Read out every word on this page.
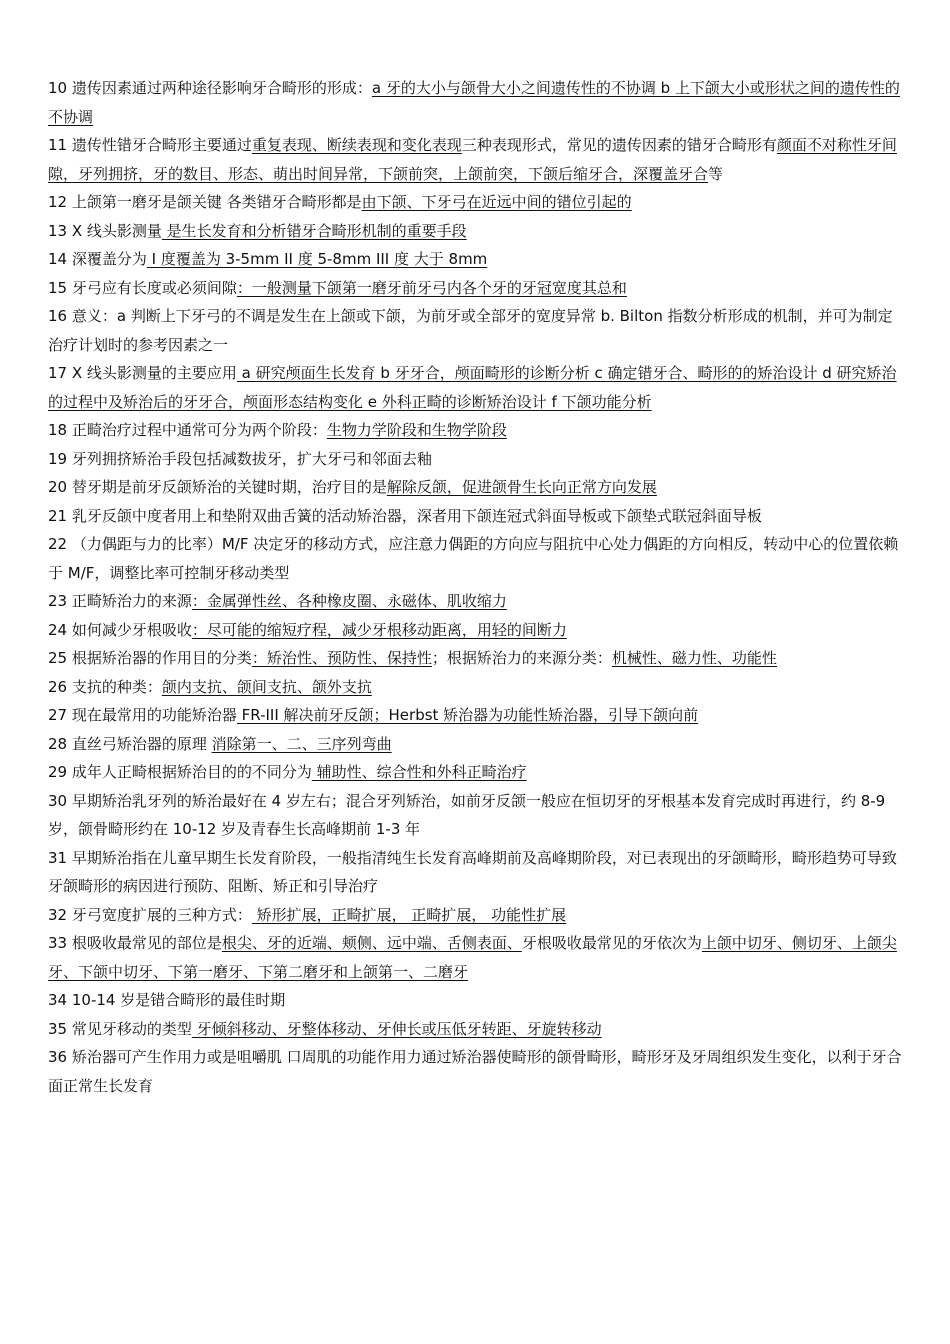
10 遗传因素通过两种途径影响牙合畸形的形成：a 牙的大小与颌骨大小之间遗传性的不协调 b 上下颌大小或形状之间的遗传性的不协调

11 遗传性错牙合畸形主要通过重复表现、断续表现和变化表现三种表现形式，常见的遗传因素的错牙合畸形有颜面不对称性牙间隙，牙列拥挤，牙的数目、形态、萌出时间异常，下颌前突，上颌前突，下颌后缩牙合，深覆盖牙合等

12 上颌第一磨牙是颌关键 各类错牙合畸形都是由下颌、下牙弓在近远中间的错位引起的

13 X 线头影测量 是生长发育和分析错牙合畸形机制的重要手段

14 深覆盖分为 I 度覆盖为 3-5mm II 度 5-8mm III 度 大于 8mm

15 牙弓应有长度或必须间隙：一般测量下颌第一磨牙前牙弓内各个牙的牙冠宽度其总和

16 意义：a 判断上下牙弓的不调是发生在上颌或下颌，为前牙或全部牙的宽度异常 b. Bilton 指数分析形成的机制，并可为制定治疗计划时的参考因素之一

17 X 线头影测量的主要应用 a 研究颅面生长发育 b 牙牙合，颅面畸形的诊断分析 c 确定错牙合、畸形的的矫治设计 d 研究矫治的过程中及矫治后的牙牙合，颅面形态结构变化 e 外科正畸的诊断矫治设计 f 下颌功能分析

18 正畸治疗过程中通常可分为两个阶段：生物力学阶段和生物学阶段

19 牙列拥挤矫治手段包括减数拔牙，扩大牙弓和邻面去釉

20 替牙期是前牙反颌矫治的关键时期，治疗目的是解除反颌，促进颌骨生长向正常方向发展

21 乳牙反颌中度者用上和垫附双曲舌簧的活动矫治器，深者用下颌连冠式斜面导板或下颌垫式联冠斜面导板

22 （力偶距与力的比率）M/F 决定牙的移动方式，应注意力偶距的方向应与阻抗中心处力偶距的方向相反，转动中心的位置依赖于 M/F，调整比率可控制牙移动类型

23 正畸矫治力的来源：金属弹性丝、各种橡皮圈、永磁体、肌收缩力

24 如何减少牙根吸收：尽可能的缩短疗程，减少牙根移动距离，用轻的间断力

25 根据矫治器的作用目的分类：矫治性、预防性、保持性；根据矫治力的来源分类：机械性、磁力性、功能性

26 支抗的种类：颌内支抗、颌间支抗、颌外支抗

27 现在最常用的功能矫治器 FR-III 解决前牙反颌；Herbst 矫治器为功能性矫治器，引导下颌向前

28 直丝弓矫治器的原理 消除第一、二、三序列弯曲

29 成年人正畸根据矫治目的的不同分为 辅助性、综合性和外科正畸治疗

30 早期矫治乳牙列的矫治最好在 4 岁左右；混合牙列矫治，如前牙反颌一般应在恒切牙的牙根基本发育完成时再进行，约 8-9 岁，颌骨畸形约在 10-12 岁及青春生长高峰期前 1-3 年

31 早期矫治指在儿童早期生长发育阶段，一般指清纯生长发育高峰期前及高峰期阶段，对已表现出的牙颌畸形，畸形趋势可导致牙颌畸形的病因进行预防、阻断、矫正和引导治疗

32 牙弓宽度扩展的三种方式： 矫形扩展，正畸扩展， 正畸扩展， 功能性扩展

33 根吸收最常见的部位是根尖、牙的近端、颊侧、远中端、舌侧表面、牙根吸收最常见的牙依次为上颌中切牙、侧切牙、上颌尖牙、下颌中切牙、下第一磨牙、下第二磨牙和上颌第一、二磨牙

34 10-14 岁是错合畸形的最佳时期

35 常见牙移动的类型 牙倾斜移动、牙整体移动、牙伸长或压低牙转距、牙旋转移动

36 矫治器可产生作用力或是咀嚼肌 口周肌的功能作用力通过矫治器使畸形的颌骨畸形，畸形牙及牙周组织发生变化，以利于牙合面正常生长发育
